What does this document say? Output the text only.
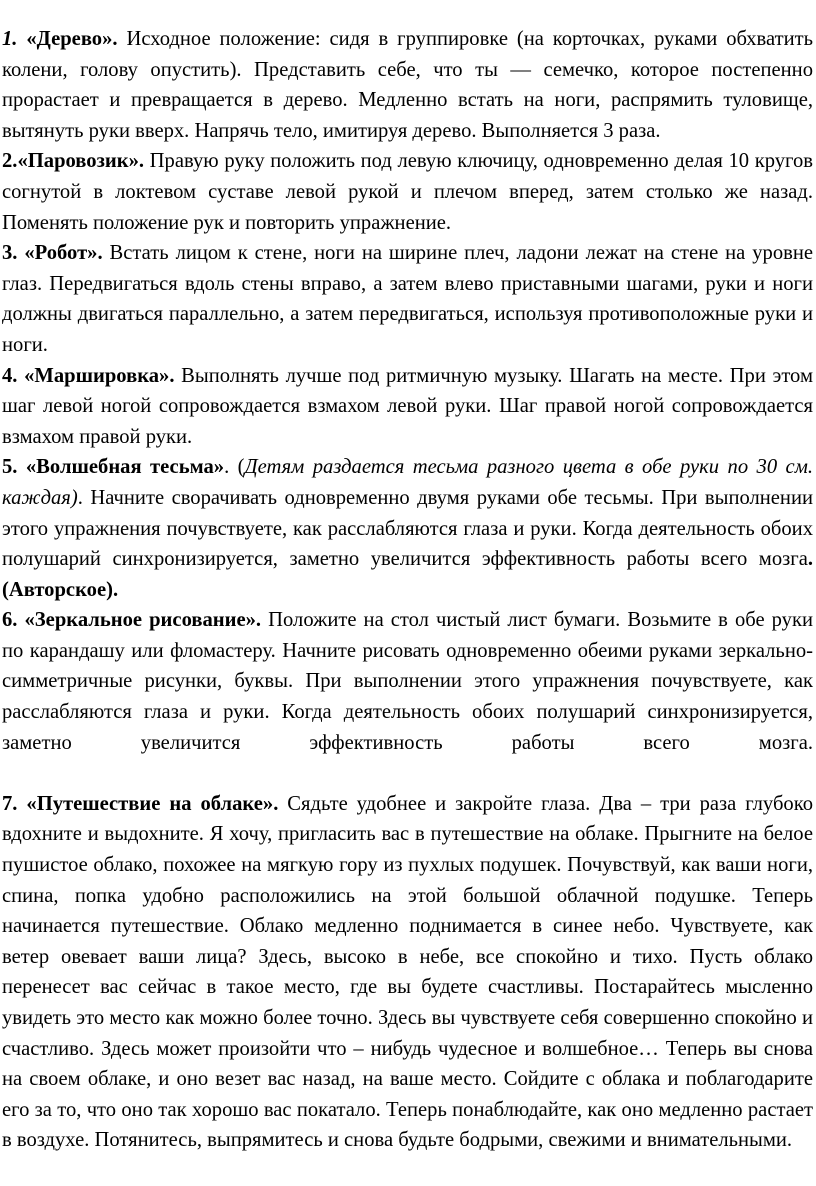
1. «Дерево». Исходное положение: сидя в группировке (на корточках, руками обхватить колени, голову опустить). Представить себе, что ты — семечко, которое постепенно прорастает и превращается в дерево. Медленно встать на ноги, распрямить туловище, вытянуть руки вверх. Напрячь тело, имитируя дерево. Выполняется 3 раза.

2.«Паровозик». Правую руку положить под левую ключицу, одновременно делая 10 кругов согнутой в локтевом суставе левой рукой и плечом вперед, затем столько же назад. Поменять положение рук и повторить упражнение.

3. «Робот». Встать лицом к стене, ноги на ширине плеч, ладони лежат на стене на уровне глаз. Передвигаться вдоль стены вправо, а затем влево приставными шагами, руки и ноги должны двигаться параллельно, а затем передвигаться, используя противоположные руки и ноги.

4. «Маршировка». Выполнять лучше под ритмичную музыку. Шагать на месте. При этом шаг левой ногой сопровождается взмахом левой руки. Шаг правой ногой сопровождается взмахом правой руки.

5. «Волшебная тесьма». (Детям раздается тесьма разного цвета в обе руки по 30 см. каждая). Начните сворачивать одновременно двумя руками обе тесьмы. При выполнении этого упражнения почувствуете, как расслабляются глаза и руки. Когда деятельность обоих полушарий синхронизируется, заметно увеличится эффективность работы всего мозга. (Авторское).

6. «Зеркальное рисование». Положите на стол чистый лист бумаги. Возьмите в обе руки по карандашу или фломастеру. Начните рисовать одновременно обеими руками зеркально-симметричные рисунки, буквы. При выполнении этого упражнения почувствуете, как расслабляются глаза и руки. Когда деятельность обоих полушарий синхронизируется, заметно увеличится эффективность работы всего мозга.

7. «Путешествие на облаке». Сядьте удобнее и закройте глаза. Два – три раза глубоко вдохните и выдохните. Я хочу, пригласить вас в путешествие на облаке. Прыгните на белое пушистое облако, похожее на мягкую гору из пухлых подушек. Почувствуй, как ваши ноги, спина, попка удобно расположились на этой большой облачной подушке. Теперь начинается путешествие. Облако медленно поднимается в синее небо. Чувствуете, как ветер овевает ваши лица? Здесь, высоко в небе, все спокойно и тихо. Пусть облако перенесет вас сейчас в такое место, где вы будете счастливы. Постарайтесь мысленно увидеть это место как можно более точно. Здесь вы чувствуете себя совершенно спокойно и счастливо. Здесь может произойти что – нибудь чудесное и волшебное… Теперь вы снова на своем облаке, и оно везет вас назад, на ваше место. Сойдите с облака и поблагодарите его за то, что оно так хорошо вас покатало. Теперь понаблюдайте, как оно медленно растает в воздухе. Потянитесь, выпрямитесь и снова будьте бодрыми, свежими и внимательными.
